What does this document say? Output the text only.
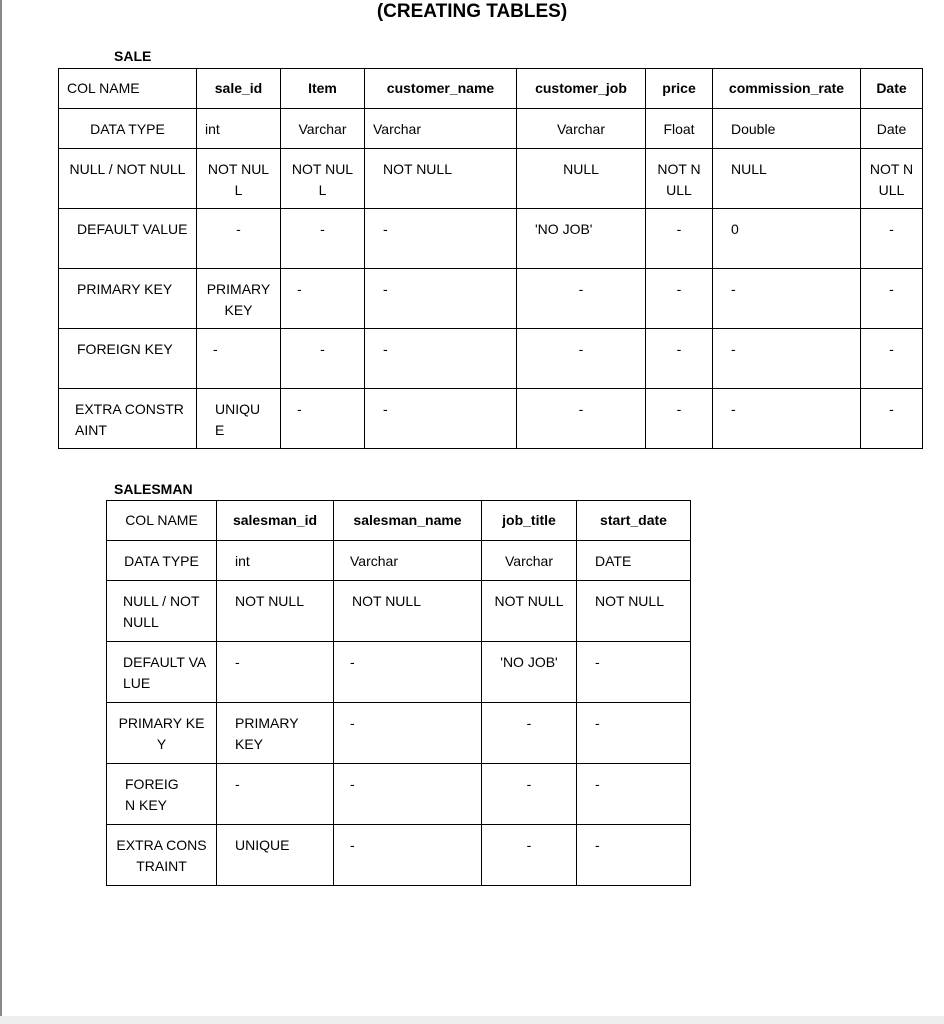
(CREATING TABLES)
SALE
COL NAME	sale_id	Item	customer_name	customer_job	price	commission_rate	Date
DATA TYPE	int	Varchar	Varchar	Varchar	Float	Double	Date
NULL / NOT NULL	NOT NULL	NOT NULL	NOT NULL	NULL	NOT NULL	NULL	NOT NULL
DEFAULT VALUE	-	-	-	'NO JOB'	-	0	-
PRIMARY KEY	PRIMARY KEY	-	-	-	-	-	-
FOREIGN KEY	-	-	-	-	-	-	-
EXTRA CONSTRAINT	UNIQUE	-	-	-	-	-	-
SALESMAN
COL NAME	salesman_id	salesman_name	job_title	start_date
DATA TYPE	int	Varchar	Varchar	DATE
NULL / NOT NULL	NOT NULL	NOT NULL	NOT NULL	NOT NULL
DEFAULT VALUE	-	-	'NO JOB'	-
PRIMARY KEY	PRIMARY KEY	-	-	-
FOREIGN KEY	-	-	-	-
EXTRA CONSTRAINT	UNIQUE	-	-	-
